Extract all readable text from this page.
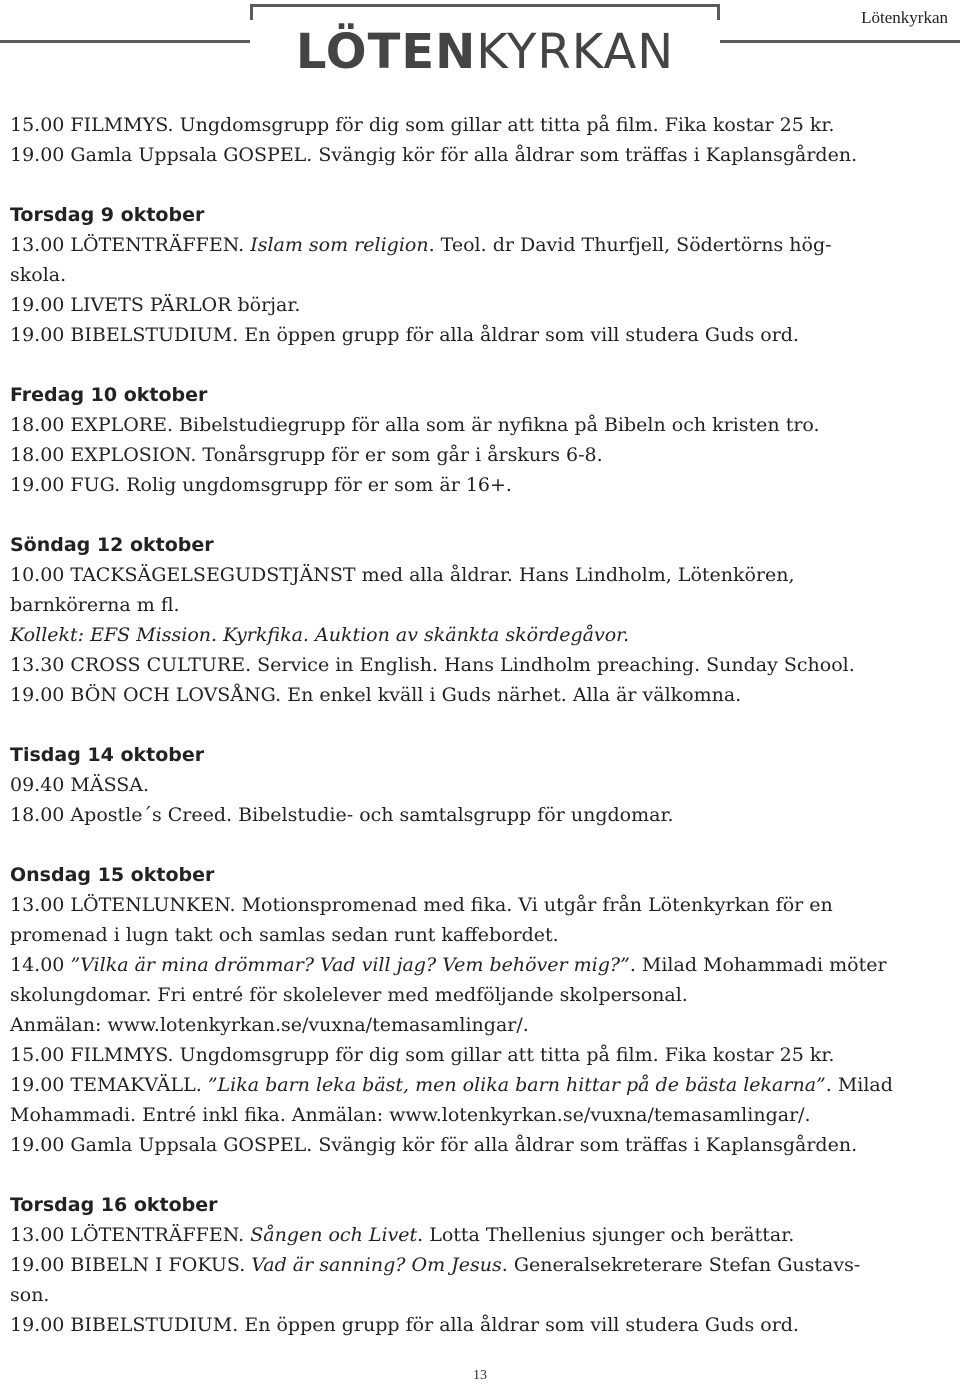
LÖTENKYRKAN
Lötenkyrkan
15.00 FILMMYS. Ungdomsgrupp för dig som gillar att titta på film. Fika kostar 25 kr.
19.00 Gamla Uppsala GOSPEL. Svängig kör för alla åldrar som träffas i Kaplansgården.
Torsdag 9 oktober
13.00 LÖTENTRÄFFEN. Islam som religion. Teol. dr David Thurfjell, Södertörns hög-
skola.
19.00 LIVETS PÄRLOR börjar.
19.00 BIBELSTUDIUM. En öppen grupp för alla åldrar som vill studera Guds ord.
Fredag 10 oktober
18.00 EXPLORE. Bibelstudiegrupp för alla som är nyfikna på Bibeln och kristen tro.
18.00 EXPLOSION. Tonårsgrupp för er som går i årskurs 6-8.
19.00 FUG. Rolig ungdomsgrupp för er som är 16+.
Söndag 12 oktober
10.00 TACKSÄGELSEGUDSTJÄNST med alla åldrar. Hans Lindholm, Lötenkören,
barnkörerna m fl.
Kollekt: EFS Mission. Kyrkfika. Auktion av skänkta skördegåvor.
13.30 CROSS CULTURE. Service in English. Hans Lindholm preaching. Sunday School.
19.00 BÖN OCH LOVSÅNG. En enkel kväll i Guds närhet. Alla är välkomna.
Tisdag 14 oktober
09.40 MÄSSA.
18.00 Apostle´s Creed. Bibelstudie- och samtalsgrupp för ungdomar.
Onsdag 15 oktober
13.00 LÖTENLUNKEN. Motionspromenad med fika. Vi utgår från Lötenkyrkan för en
promenad i lugn takt och samlas sedan runt kaffebordet.
14.00 ”Vilka är mina drömmar? Vad vill jag? Vem behöver mig?”. Milad Mohammadi möter
skolungdomar. Fri entré för skolelever med medföljande skolpersonal.
Anmälan: www.lotenkyrkan.se/vuxna/temasamlingar/.
15.00 FILMMYS. Ungdomsgrupp för dig som gillar att titta på film. Fika kostar 25 kr.
19.00 TEMAKVÄLL. ”Lika barn leka bäst, men olika barn hittar på de bästa lekarna”. Milad
Mohammadi. Entré inkl fika. Anmälan: www.lotenkyrkan.se/vuxna/temasamlingar/.
19.00 Gamla Uppsala GOSPEL. Svängig kör för alla åldrar som träffas i Kaplansgården.
Torsdag 16 oktober
13.00 LÖTENTRÄFFEN. Sången och Livet. Lotta Thellenius sjunger och berättar.
19.00 BIBELN I FOKUS. Vad är sanning? Om Jesus. Generalsekreterare Stefan Gustavs-
son.
19.00 BIBELSTUDIUM. En öppen grupp för alla åldrar som vill studera Guds ord.
13
